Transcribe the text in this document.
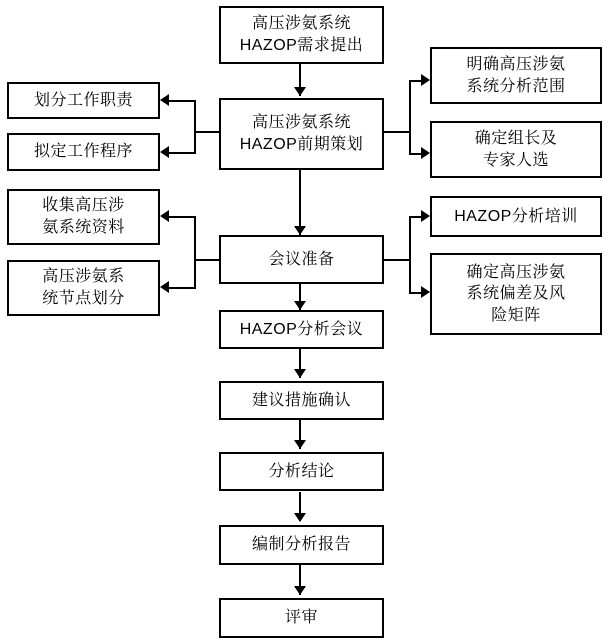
高压涉氨系统
HAZOP需求提出
高压涉氨系统
HAZOP前期策划
划分工作职责
拟定工作程序
明确高压涉氨
系统分析范围
确定组长及
专家人选
收集高压涉
氨系统资料
高压涉氨系
统节点划分
会议准备
HAZOP分析培训
确定高压涉氨
系统偏差及风
险矩阵
HAZOP分析会议
建议措施确认
分析结论
编制分析报告
评审
